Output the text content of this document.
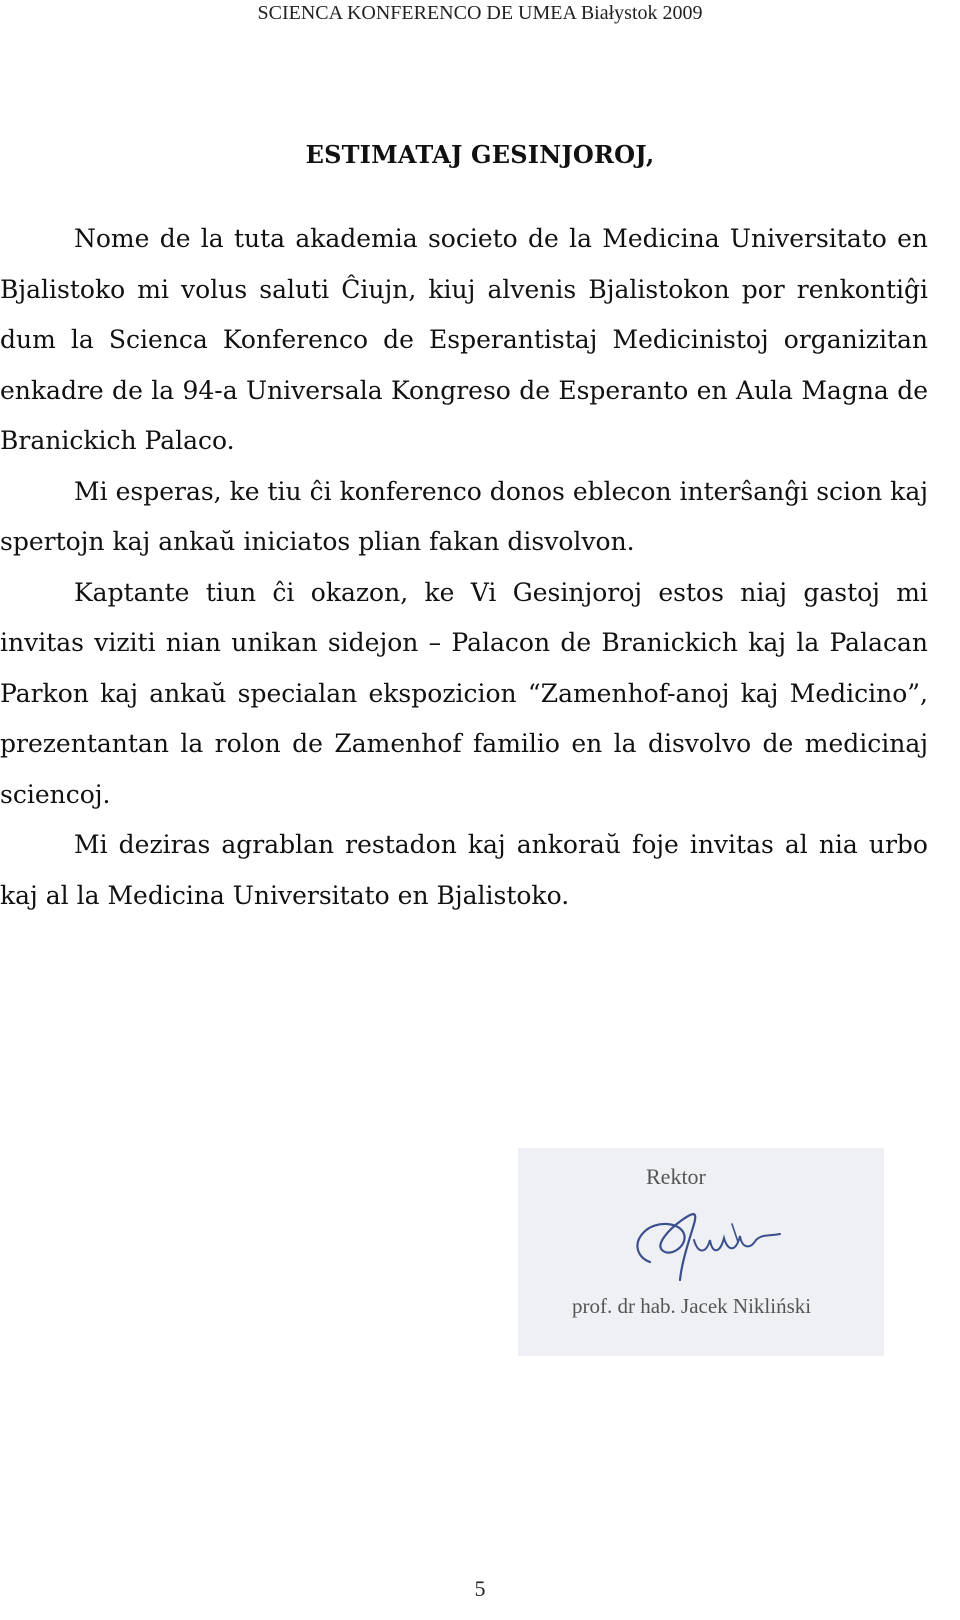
SCIENCA KONFERENCO DE UMEA Białystok 2009
ESTIMATAJ GESINJOROJ,

Nome de la tuta akademia societo de la Medicina Universitato en Bjalistoko mi volus saluti Ĉiujn, kiuj alvenis Bjalistokon por renkontiĝi dum la Scienca Konferenco de Esperantistaj Medicinistoj organizitan enkadre de la 94-a Universala Kongreso de Esperanto en Aula Magna de Branickich Palaco.

Mi esperas, ke tiu ĉi konferenco donos eblecon interŝanĝi scion kaj spertojn kaj ankaŭ iniciatos plian fakan disvolvon.

Kaptante tiun ĉi okazon, ke Vi Gesinjoroj estos niaj gastoj mi invitas viziti nian unikan sidejon – Palacon de Branickich kaj la Palacan Parkon kaj ankaŭ specialan ekspozicion “Zamenhof-anoj kaj Medicino”, prezentantan la rolon de Zamenhof familio en la disvolvo de medicinaj sciencoj.

Mi deziras agrablan restadon kaj ankoraŭ foje invitas al nia urbo kaj al la Medicina Universitato en Bjalistoko.

Rektor
prof. dr hab. Jacek Nikliński
5
